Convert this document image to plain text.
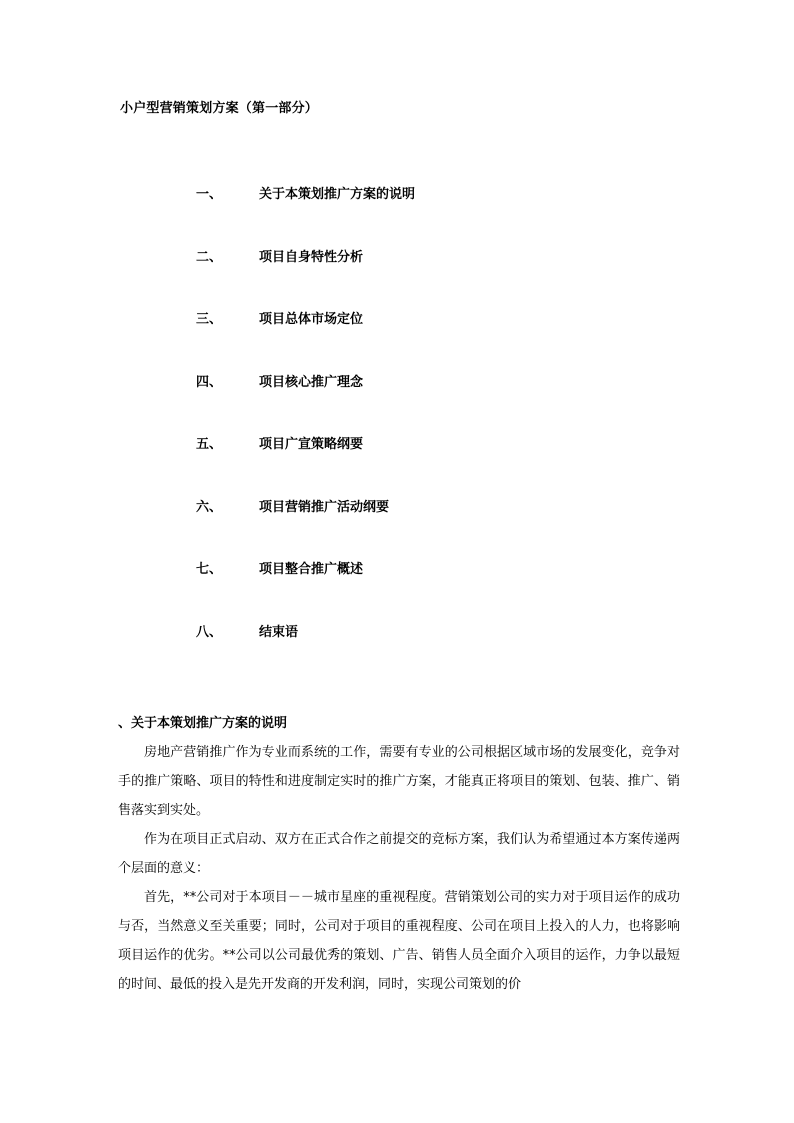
小户型营销策划方案（第一部分）
一、	关于本策划推广方案的说明
二、	项目自身特性分析
三、	项目总体市场定位
四、	项目核心推广理念
五、	项目广宣策略纲要
六、	项目营销推广活动纲要
七、	项目整合推广概述
八、	结束语
、关于本策划推广方案的说明

房地产营销推广作为专业而系统的工作，需要有专业的公司根据区域市场的发展变化，竞争对手的推广策略、项目的特性和进度制定实时的推广方案，才能真正将项目的策划、包装、推广、销售落实到实处。

作为在项目正式启动、双方在正式合作之前提交的竞标方案，我们认为希望通过本方案传递两个层面的意义：

首先，**公司对于本项目－－城市星座的重视程度。营销策划公司的实力对于项目运作的成功与否，当然意义至关重要；同时，公司对于项目的重视程度、公司在项目上投入的人力，也将影响项目运作的优劣。**公司以公司最优秀的策划、广告、销售人员全面介入项目的运作，力争以最短的时间、最低的投入是先开发商的开发利润，同时，实现公司策划的价
